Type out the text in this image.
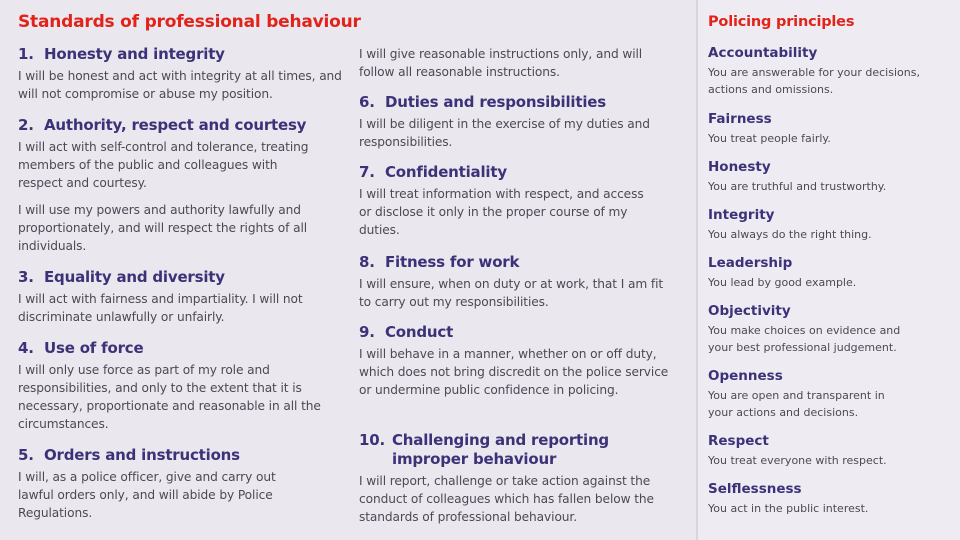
Standards of professional behaviour

1. Honesty and integrity

I will be honest and act with integrity at all times, and will not compromise or abuse my position.

2. Authority, respect and courtesy

I will act with self-control and tolerance, treating members of the public and colleagues with respect and courtesy.

I will use my powers and authority lawfully and proportionately, and will respect the rights of all individuals.

3. Equality and diversity

I will act with fairness and impartiality. I will not discriminate unlawfully or unfairly.

4. Use of force

I will only use force as part of my role and responsibilities, and only to the extent that it is necessary, proportionate and reasonable in all the circumstances.

5. Orders and instructions

I will, as a police officer, give and carry out lawful orders only, and will abide by Police Regulations.

I will give reasonable instructions only, and will follow all reasonable instructions.

6. Duties and responsibilities

I will be diligent in the exercise of my duties and responsibilities.

7. Confidentiality

I will treat information with respect, and access or disclose it only in the proper course of my duties.

8. Fitness for work

I will ensure, when on duty or at work, that I am fit to carry out my responsibilities.

9. Conduct

I will behave in a manner, whether on or off duty, which does not bring discredit on the police service or undermine public confidence in policing.

10. Challenging and reporting improper behaviour

I will report, challenge or take action against the conduct of colleagues which has fallen below the standards of professional behaviour.

Policing principles

Accountability

You are answerable for your decisions, actions and omissions.

Fairness

You treat people fairly.

Honesty

You are truthful and trustworthy.

Integrity

You always do the right thing.

Leadership

You lead by good example.

Objectivity

You make choices on evidence and your best professional judgement.

Openness

You are open and transparent in your actions and decisions.

Respect

You treat everyone with respect.

Selflessness

You act in the public interest.
